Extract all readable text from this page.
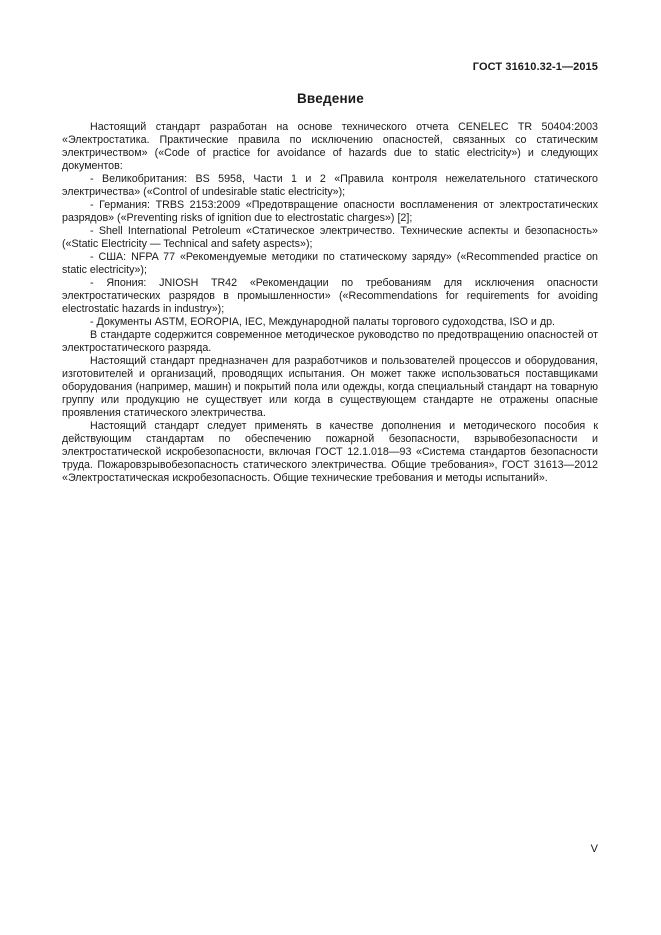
ГОСТ 31610.32-1—2015
Введение

Настоящий стандарт разработан на основе технического отчета CENELEC TR 50404:2003 «Электростатика. Практические правила по исключению опасностей, связанных со статическим электричеством» («Code of practice for avoidance of hazards due to static electricity») и следующих документов:

- Великобритания: BS 5958, Части 1 и 2 «Правила контроля нежелательного статического электричества» («Control of undesirable static electricity»);

- Германия: TRBS 2153:2009 «Предотвращение опасности воспламенения от электростатических разрядов» («Preventing risks of ignition due to electrostatic charges») [2];

- Shell International Petroleum «Статическое электричество. Технические аспекты и безопасность» («Static Electricity — Technical and safety aspects»);

- США: NFPA 77 «Рекомендуемые методики по статическому заряду» («Recommended practice on static electricity»);

- Япония: JNIOSH TR42 «Рекомендации по требованиям для исключения опасности электростатических разрядов в промышленности» («Recommendations for requirements for avoiding electrostatic hazards in industry»);

- Документы ASTM, EOROPIA, IEC, Международной палаты торгового судоходства, ISO и др.

В стандарте содержится современное методическое руководство по предотвращению опасностей от электростатического разряда.

Настоящий стандарт предназначен для разработчиков и пользователей процессов и оборудования, изготовителей и организаций, проводящих испытания. Он может также использоваться поставщиками оборудования (например, машин) и покрытий пола или одежды, когда специальный стандарт на товарную группу или продукцию не существует или когда в существующем стандарте не отражены опасные проявления статического электричества.

Настоящий стандарт следует применять в качестве дополнения и методического пособия к действующим стандартам по обеспечению пожарной безопасности, взрывобезопасности и электростатической искробезопасности, включая ГОСТ 12.1.018—93 «Система стандартов безопасности труда. Пожаровзрывобезопасность статического электричества. Общие требования», ГОСТ 31613—2012 «Электростатическая искробезопасность. Общие технические требования и методы испытаний».

V
